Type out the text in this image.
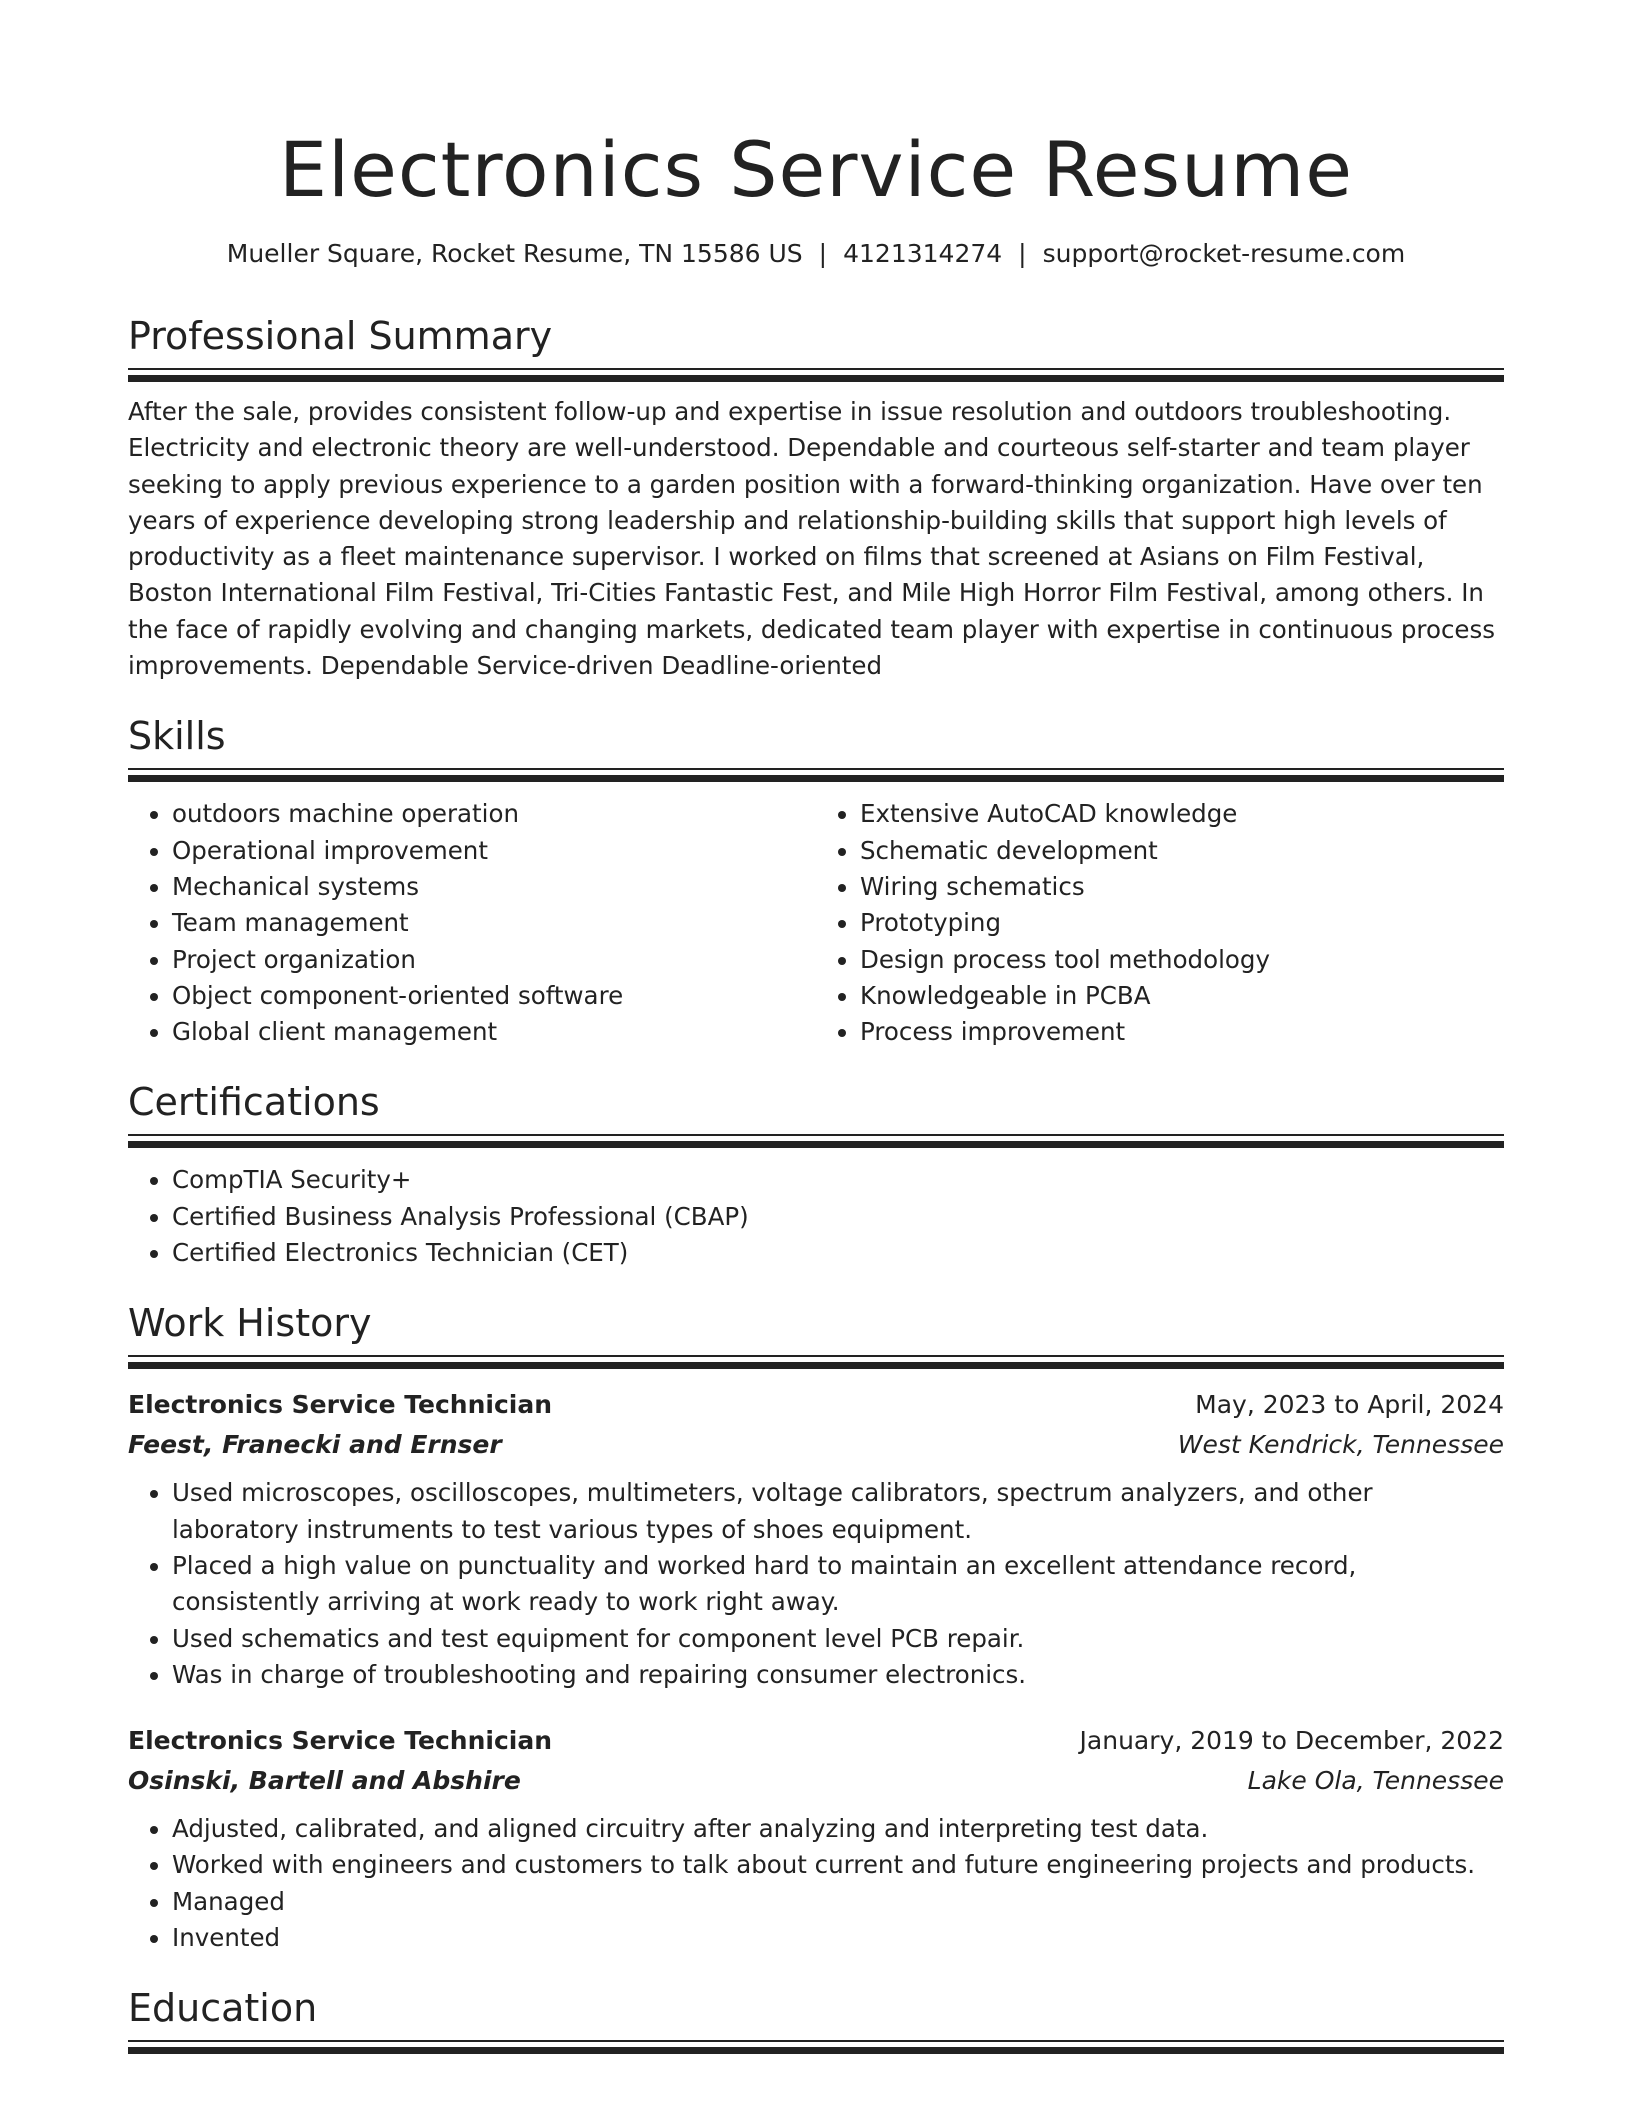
Electronics Service Resume
Mueller Square, Rocket Resume, TN 15586 US | 4121314274 | support@rocket-resume.com
Professional Summary

After the sale, provides consistent follow-up and expertise in issue resolution and outdoors troubleshooting. Electricity and electronic theory are well-understood. Dependable and courteous self-starter and team player seeking to apply previous experience to a garden position with a forward-thinking organization. Have over ten years of experience developing strong leadership and relationship-building skills that support high levels of productivity as a fleet maintenance supervisor. I worked on films that screened at Asians on Film Festival, Boston International Film Festival, Tri-Cities Fantastic Fest, and Mile High Horror Film Festival, among others. In the face of rapidly evolving and changing markets, dedicated team player with expertise in continuous process improvements. Dependable Service-driven Deadline-oriented

Skills
• outdoors machine operation
• Operational improvement
• Mechanical systems
• Team management
• Project organization
• Object component-oriented software
• Global client management
• Extensive AutoCAD knowledge
• Schematic development
• Wiring schematics
• Prototyping
• Design process tool methodology
• Knowledgeable in PCBA
• Process improvement
Certifications
• CompTIA Security+
• Certified Business Analysis Professional (CBAP)
• Certified Electronics Technician (CET)
Work History
Electronics Service Technician	May, 2023 to April, 2024
Feest, Franecki and Ernser	West Kendrick, Tennessee
• Used microscopes, oscilloscopes, multimeters, voltage calibrators, spectrum analyzers, and other laboratory instruments to test various types of shoes equipment.
• Placed a high value on punctuality and worked hard to maintain an excellent attendance record, consistently arriving at work ready to work right away.
• Used schematics and test equipment for component level PCB repair.
• Was in charge of troubleshooting and repairing consumer electronics.
Electronics Service Technician	January, 2019 to December, 2022
Osinski, Bartell and Abshire	Lake Ola, Tennessee
• Adjusted, calibrated, and aligned circuitry after analyzing and interpreting test data.
• Worked with engineers and customers to talk about current and future engineering projects and products.
• Managed
• Invented
Education
